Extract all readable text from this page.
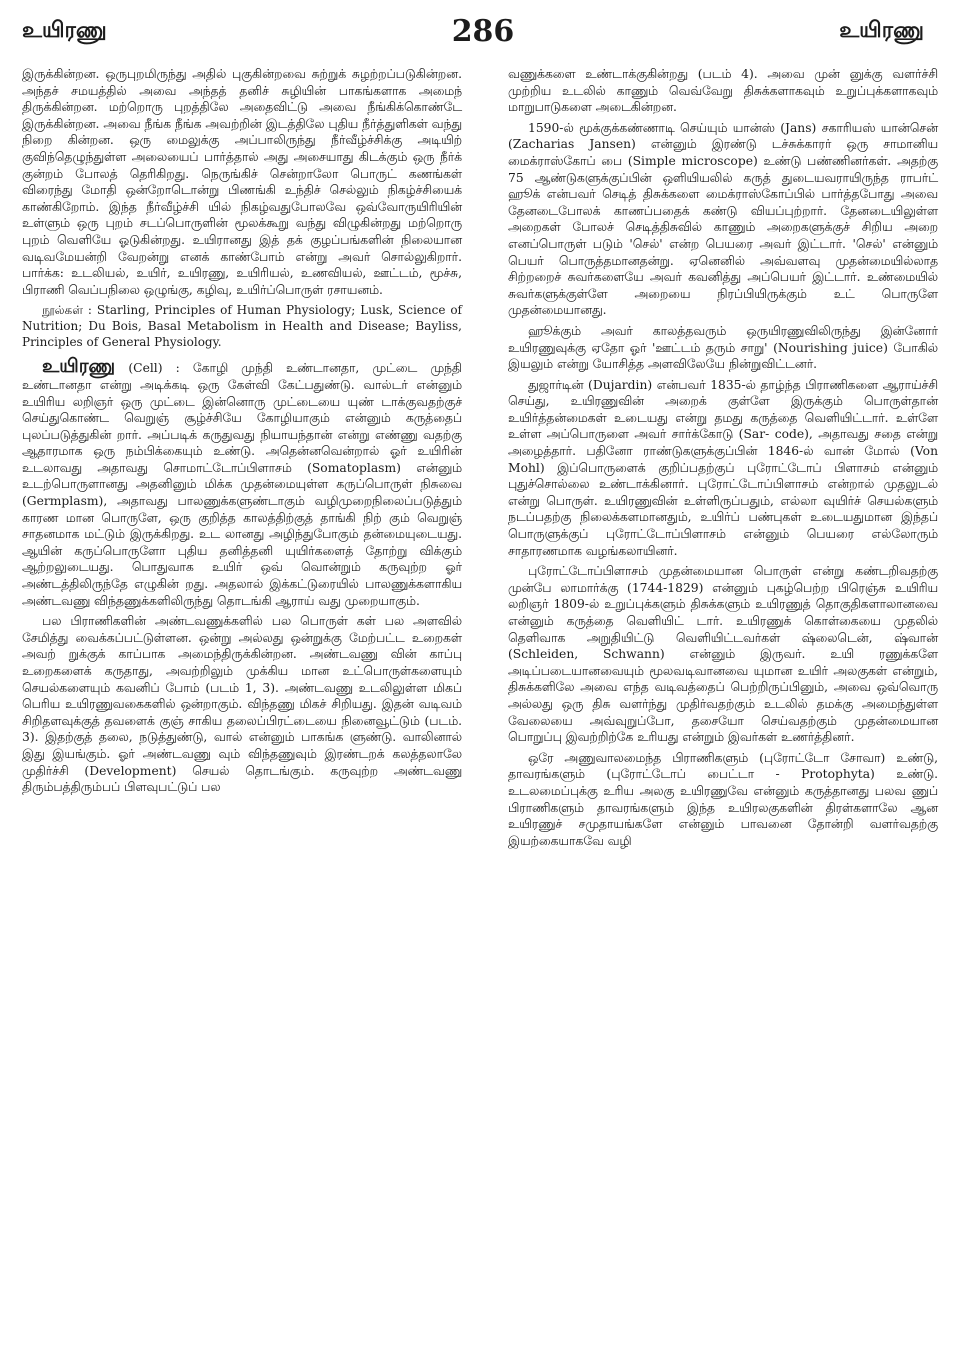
உயிரணு	286	உயிரணு

இருக்கின்றன. ஒருபுறமிருந்து அதில் புகுகின்றவை சுற்றுக் சுழற்றப்படுகின்றன. அந்தச் சமயத்தில் அவை அந்தத் தனிச் சுழியின் பாகங்களாக அமைந் திருக்கின்றன. மற்றொரு புறத்திலே அதைவிட்டு அவை நீங்கிக்கொண்டே இருக்கின்றன. அவை நீங்க நீங்க அவற்றின் இடத்திலே புதிய நீர்த்துளிகள் வந்து நிறை கின்றன. ஒரு மைலுக்கு அப்பாலிருந்து நீர்வீழ்ச்சிக்கு அடியிற் குவிந்தெழுந்துள்ள அலையைப் பார்த்தால் அது அசையாது கிடக்கும் ஒரு நீர்க் குன்றம் போலத் தெரிகிறது. நெருங்கிச் சென்றாலோ பொருட் கணங்கள் விரைந்து மோதி ஒன்றோடொன்று பிணங்கி உந்திச் செல்லும் நிகழ்ச்சியைக் காண்கிறோம். இந்த நீர்வீழ்ச்சி யில் நிகழ்வதுபோலவே ஒவ்வோருயிரியின் உள்ளும் ஒரு புறம் சடப்பொருளின் மூலக்கூறு வந்து விழுகின்றது மற்றொரு புறம் வெளியே ஓடுகின்றது. உயிரானது இத் தக் குழப்பங்களின் நிலையான வடிவமேயன்றி வேறன்று எனக் காண்போம் என்று அவர் சொல்லுகிறார். பார்க்க: உடலியல், உயிர், உயிரணு, உயிரியல், உணவியல், ஊட்டம், மூச்சு, பிராணி வெப்பநிலை ஒழுங்கு, கழிவு, உயிர்ப்பொருள் ரசாயனம்.

நூல்கள் : Starling, Principles of Human Physiology; Lusk, Science of Nutrition; Du Bois, Basal Metabolism in Health and Disease; Bayliss, Principles of General Physiology.

உயிரணு (Cell) : கோழி முந்தி உண்டானதா, முட்டை முந்தி உண்டானதா என்று அடிக்கடி ஒரு கேள்வி கேட்பதுண்டு. வால்டர் என்னும் உயிரிய லறிஞர் ஒரு முட்டை இன்னொரு முட்டையை யுண் டாக்குவதற்குச் செய்துகொண்ட வெறுஞ் சூழ்ச்சியே கோழியாகும் என்னும் கருத்தைப் புலப்படுத்துகின் றார். அப்படிக் கருதுவது நியாயந்தான் என்று எண்ணு வதற்கு ஆதாரமாக ஒரு நம்பிக்கையும் உண்டு. அதென்னவென்றால் ஓர் உயிரின் உடலாவது அதாவது சொமாட்டோப்பிளாசம் (Somatoplasm) என்னும் உடற்பொருளானது அதனினும் மிக்க முதன்மையுள்ள கருப்பொருள் நிசுவை (Germplasm), அதாவது பாலணுக்களுண்டாகும் வழிமுறைநிலைப்படுத்தும் காரண மான பொருளே, ஒரு குறித்த காலத்திற்குத் தாங்கி நிற் கும் வெறுஞ் சாதனமாக மட்டும் இருக்கிறது. உட லானது அழிந்துபோகும் தன்மையுடையது. ஆயின் கருப்பொருளோ புதிய தனித்தனி யுயிர்களைத் தோற்று விக்கும் ஆற்றலுடையது. பொதுவாக உயிர் ஒவ் வொன்றும் கருவுற்ற ஓர் அண்டத்திலிருந்தே எழுகின் றது. அதலால் இக்கட்டுரையில் பாலணுக்களாகிய அண்டவணு விந்தணுக்களிலிருந்து தொடங்கி ஆராய் வது முறையாகும்.

பல பிராணிகளின் அண்டவணுக்களில் பல பொருள் கள் பல அளவில் சேமித்து வைக்கப்பட்டுள்ளன. ஒன்று அல்லது ஒன்றுக்கு மேற்பட்ட உறைகள் அவற் றுக்குக் காப்பாக அமைந்திருக்கின்றன. அண்டவணு வின் காப்பு உறைகளைக் கருதாது, அவற்றிலும் முக்கிய மான உட்பொருள்களையும் செயல்களையும் கவனிப் போம் (படம் 1, 3). அண்டவணு உடலிலுள்ள மிகப் பெரிய உயிரணுவகைகளில் ஒன்றாகும். விந்தணு மிகச் சிறியது. இதன் வடிவம் சிறிதளவுக்குத் தவளைக் குஞ் சாகிய தலைப்பிரட்டையை நினைவூட்டும் (படம். 3). இதற்குத் தலை, நடுத்துண்டு, வால் என்னும் பாகங்க ளுண்டு. வாலினால் இது இயங்கும். ஓர் அண்டவணு வும் விந்தணுவும் இரண்டறக் கலத்தலாலே முதிர்ச்சி (Development) செயல் தொடங்கும். கருவுற்ற அண்டவணு திரும்பத்திரும்பப் பிளவுபட்டுப் பல

வணுக்களை உண்டாக்குகின்றது (படம் 4). அவை முன் னுக்கு வளர்ச்சி முற்றிய உடலில் காணும் வெவ்வேறு திசுக்களாகவும் உறுப்புக்களாகவும் மாறுபாடுகளை அடைகின்றன.

1590-ல் மூக்குக்கண்ணாடி செய்யும் யான்ஸ் (Jans) சகாரியஸ் யான்சென் (Zacharias Jansen) என்னும் இரண்டு டச்சுக்காரர் ஒரு சாமானிய மைக்ராஸ்கோப் பை (Simple microscope) உண்டு பண்ணினர்கள். அதற்கு 75 ஆண்டுகளுக்குப்பின் ஒளியியலில் கருத் துடையவராயிருந்த ராபர்ட் ஹூக் என்பவர் செடித் திசுக்களை மைக்ராஸ்கோப்பில் பார்த்தபோது அவை தேனடைபோலக் காணப்பதைக் கண்டு வியப்புற்றார். தேனடையிலுள்ள அறைகள் போலச் செடித்திசுவில் காணும் அறைகளுக்குச் சிறிய அறை எனப்பொருள் படும் 'செல்' என்ற பெயரை அவர் இட்டார். 'செல்' என்னும் பெயர் பொருத்தமானதன்று. ஏனெனில் அவ்வளவு முதன்மையில்லாத சிற்றறைச் சுவர்களையே அவர் கவனித்து அப்பெயர் இட்டார். உண்மையில் சுவர்களுக்குள்ளே அறையை நிரப்பியிருக்கும் உட் பொருளே முதன்மையானது.

ஹூக்கும் அவர் காலத்தவரும் ஒருயிரணுவிலிருந்து இன்னோர் உயிரணுவுக்கு ஏதோ ஓர் 'ஊட்டம் தரும் சாறு' (Nourishing juice) போகில் இயலும் என்று யோசித்த அளவிலேயே நின்றுவிட்டனர்.

துஜார்டின் (Dujardin) என்பவர் 1835-ல் தாழ்ந்த பிராணிகளை ஆராய்ச்சி செய்து, உயிரணுவின் அறைக் குள்ளே இருக்கும் பொருள்தான் உயிர்த்தன்மைகள் உடையது என்று தமது கருத்தை வெளியிட்டார். உள்ளே உள்ள அப்பொருளை அவர் சார்க்கோடு (Sar- code), அதாவது சதை என்று அழைத்தார். பதினோ ராண்டுகளுக்குப்பின் 1846-ல் வான் மோல் (Von Mohl) இப்பொருளைக் குறிப்பதற்குப் புரோட்டோப் பிளாசம் என்னும் புதுச்சொல்லை உண்டாக்கினார். புரோட்டோப்பிளாசம் என்றால் முதலுடல் என்று பொருள். உயிரணுவின் உள்ளிருப்பதும், எல்லா வுயிர்ச் செயல்களும் நடப்பதற்கு நிலைக்களமானதும், உயிர்ப் பண்புகள் உடையதுமான இந்தப் பொருளுக்குப் புரோட்டோப்பிளாசம் என்னும் பெயரை எல்லோரும் சாதாரணமாக வழங்கலாயினர்.

புரோட்டோப்பிளாசம் முதன்மையான பொருள் என்று கண்டறிவதற்கு முன்பே லாமார்க்கு (1744-1829) என்னும் புகழ்பெற்ற பிரெஞ்சு உயிரிய லறிஞர் 1809-ல் உறுப்புக்களும் திசுக்களும் உயிரணுத் தொகுதிகளாலானவை என்னும் கருத்தை வெளியிட் டார். உயிரணுக் கொள்கையை முதலில் தெளிவாக அறுதியிட்டு வெளியிட்டவர்கள் ஷ்லைடென், ஷ்வான் (Schleiden, Schwann) என்னும் இருவர். உயி ரணுக்களே அடிப்படையானவையும் மூலவடிவானவை யுமான உயிர் அலகுகள் என்றும், திசுக்களிலே அவை எந்த வடிவத்தைப் பெற்றிருப்பினும், அவை ஒவ்வொரு அல்லது ஒரு திசு வளர்ந்து முதிர்வதற்கும் உடலில் தமக்கு அமைந்துள்ள வேலையை அவ்வுறுப்போ, தசையோ செய்வதற்கும் முதன்மையான பொறுப்பு இவற்றிற்கே உரியது என்றும் இவர்கள் உணர்த்தினர்.

ஒரே அணுவாலமைந்த பிராணிகளும் (புரோட்டோ சோவா) உண்டு, தாவரங்களும் (புரோட்டோப் பைட்டா - Protophyta) உண்டு. உடலமைப்புக்கு உரிய அலகு உயிரணுவே என்னும் கருத்தானது பலவ ணுப் பிராணிகளும் தாவரங்களும் இந்த உயிரலகுகளின் திரள்களாலே ஆன உயிரணுச் சமுதாயங்களே என்னும் பாவனை தோன்றி வளர்வதற்கு இயற்கையாகவே வழி
